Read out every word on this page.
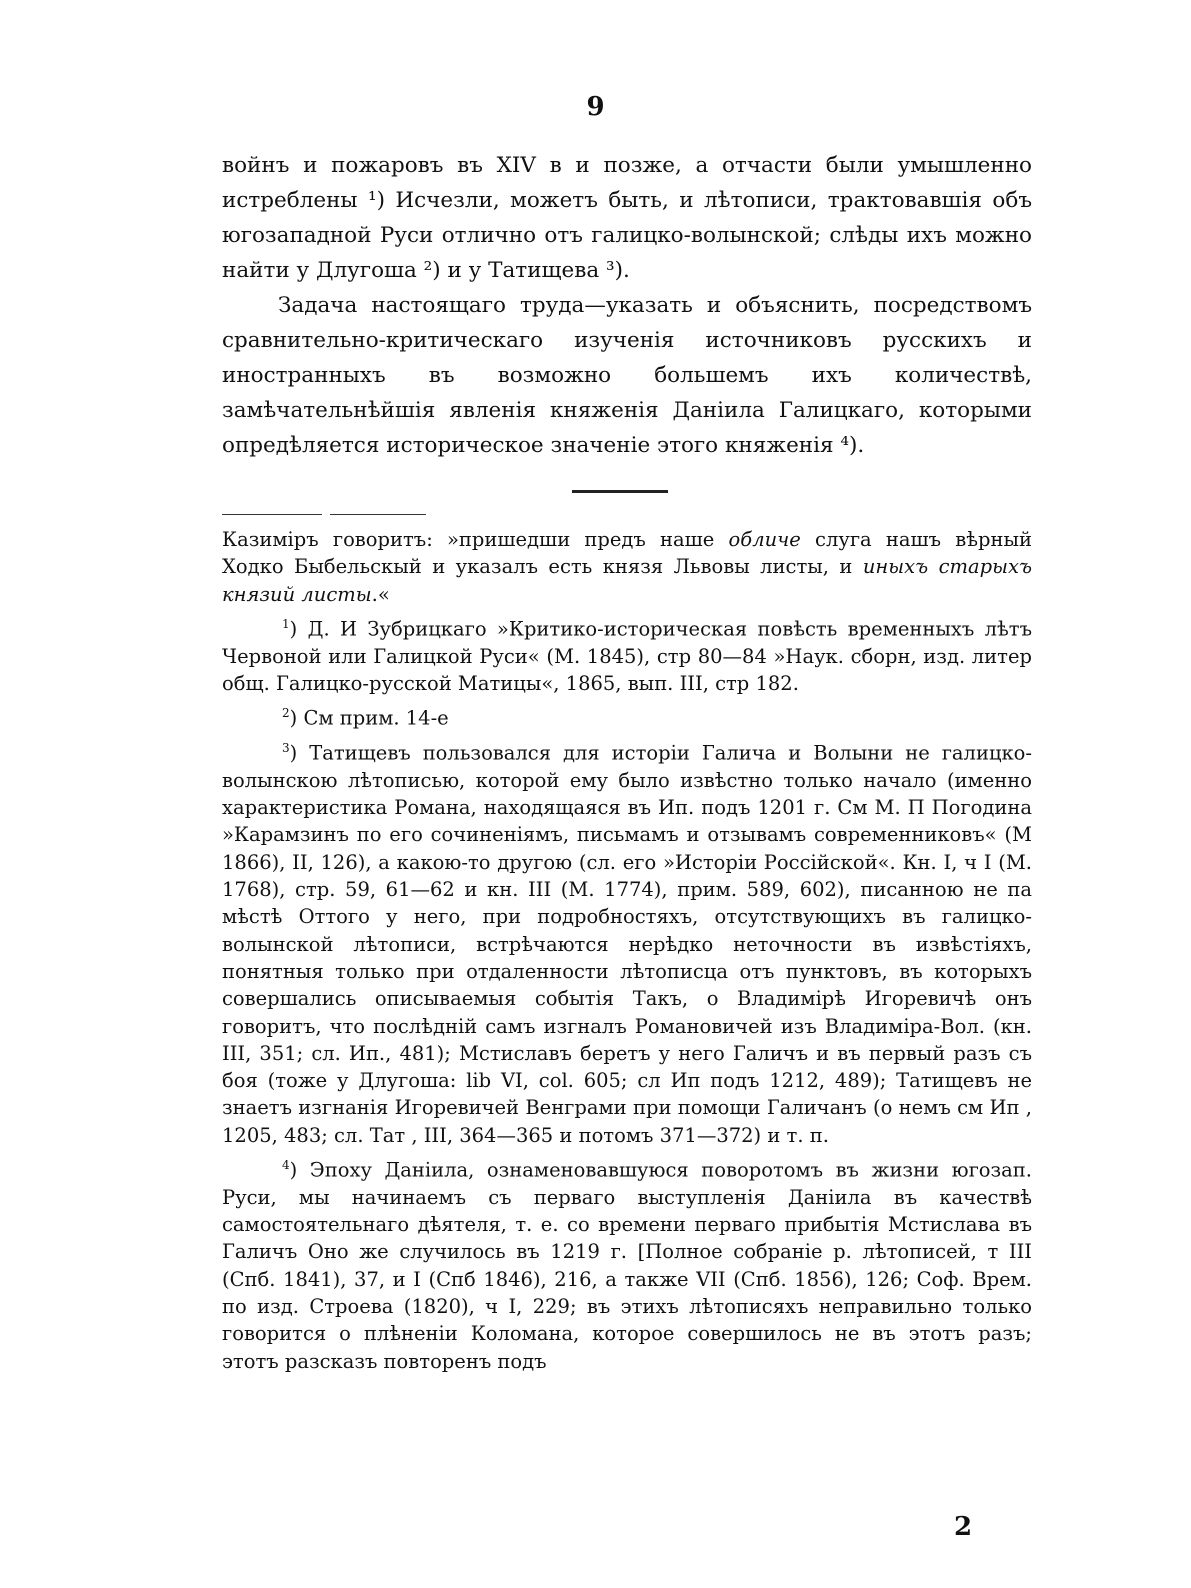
9

войнъ и пожаровъ въ XIV в и позже, а отчасти были умышленно истреблены ¹) Исчезли, можетъ быть, и лѣтописи, трактовавшія объ югозападной Руси отлично отъ галицко-волынской; слѣды ихъ можно найти у Длугоша ²) и у Татищева ³).

Задача настоящаго труда—указать и объяснить, посредствомъ сравнительно-критическаго изученія источниковъ русскихъ и иностранныхъ въ возможно большемъ ихъ количествѣ, замѣчательнѣйшія явленія княженія Даніила Галицкаго, которыми опредѣляется историческое значеніе этого княженія ⁴).

Казиміръ говоритъ: »пришедши предъ наше обличе слуга нашъ вѣрный Ходко Быбельскый и указалъ есть князя Львовы листы, и иныхъ старыхъ князий листы.«

$^1$) Д. И Зубрицкаго »Критико-историческая повѣсть временныхъ лѣтъ Червоной или Галицкой Руси« (М. 1845), стр 80—84 »Наук. сборн, изд. литер общ. Галицко-русской Матицы«, 1865, вып. III, стр 182.

$^2$) См прим. 14-е

$^3$) Татищевъ пользовался для исторіи Галича и Волыни не галицко-волынскою лѣтописью, которой ему было извѣстно только начало (именно характеристика Романа, находящаяся въ Ип. подъ 1201 г. См М. П Погодина »Карамзинъ по его сочиненіямъ, письмамъ и отзывамъ современниковъ« (М 1866), II, 126), а какою-то другою (сл. его »Исторіи Россійской«. Кн. I, ч I (М. 1768), стр. 59, 61—62 и кн. III (М. 1774), прим. 589, 602), писанною не па мѣстѣ Оттого у него, при подробностяхъ, отсутствующихъ въ галицко-волынской лѣтописи, встрѣчаются нерѣдко неточности въ извѣстіяхъ, понятныя только при отдаленности лѣтописца отъ пунктовъ, въ которыхъ совершались описываемыя событія Такъ, о Владимірѣ Игоревичѣ онъ говоритъ, что послѣдній самъ изгналъ Романовичей изъ Владиміра-Вол. (кн. III, 351; сл. Ип., 481); Мстиславъ беретъ у него Галичъ и въ первый разъ съ боя (тоже у Длугоша: lib VI, col. 605; сл Ип подъ 1212, 489); Татищевъ не знаетъ изгнанія Игоревичей Венграми при помощи Галичанъ (о немъ см Ип , 1205, 483; сл. Тат , III, 364—365 и потомъ 371—372) и т. п.

$^4$) Эпоху Даніила, ознаменовавшуюся поворотомъ въ жизни югозап. Руси, мы начинаемъ съ перваго выступленія Даніила въ качествѣ самостоятельнаго дѣятеля, т. е. со времени перваго прибытія Мстислава въ Галичъ Оно же случилось въ 1219 г. [Полное собраніе р. лѣтописей, т III (Спб. 1841), 37, и I (Спб 1846), 216, а также VII (Спб. 1856), 126; Соф. Врем. по изд. Строева (1820), ч I, 229; въ этихъ лѣтописяхъ неправильно только говорится о плѣненіи Коломана, которое совершилось не въ этотъ разъ; этотъ разсказъ повторенъ подъ

2
